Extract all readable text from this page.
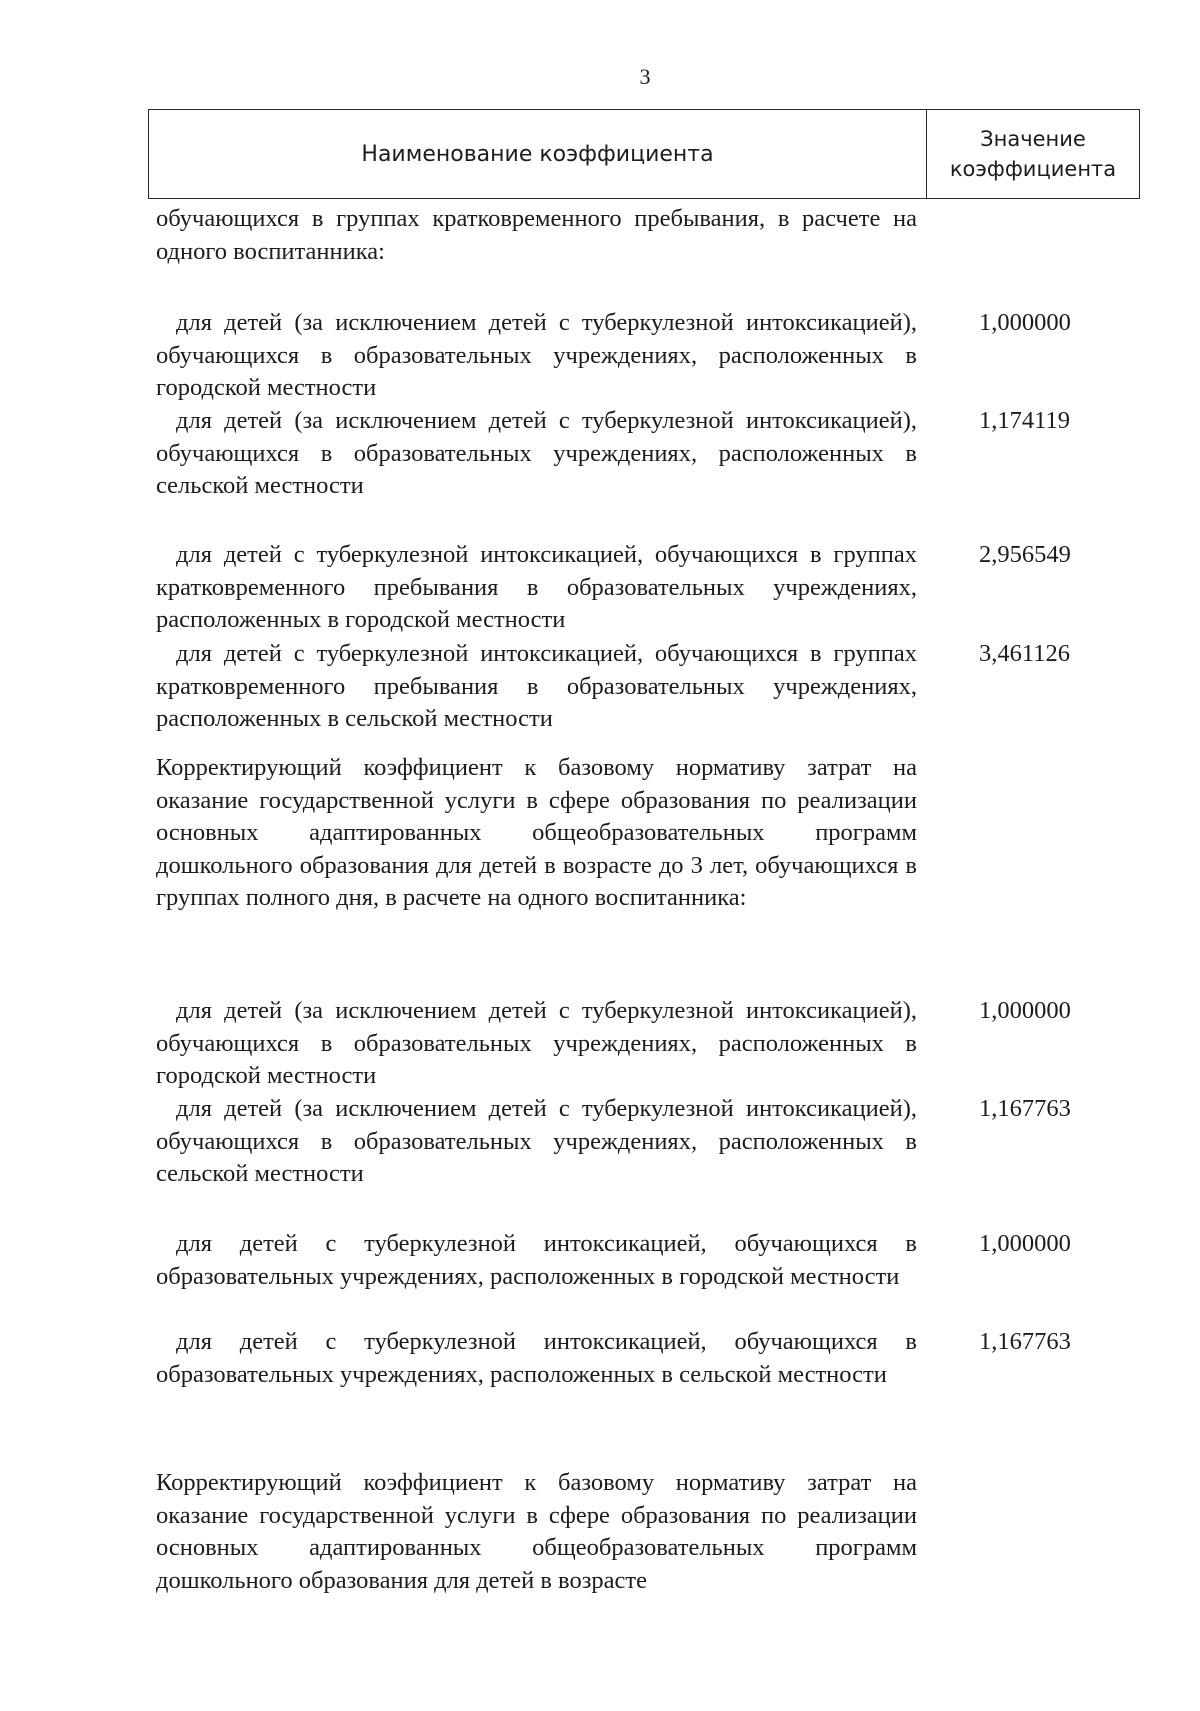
3
Наименование коэффициента
Значение
коэффициента
обучающихся в группах кратковременного пребывания, в расчете на одного воспитанника:
для детей (за исключением детей с туберкулезной интоксикацией), обучающихся в образовательных учреждениях, расположенных в городской местности
1,000000
для детей (за исключением детей с туберкулезной интоксикацией), обучающихся в образовательных учреждениях, расположенных в сельской местности
1,174119
для детей с туберкулезной интоксикацией, обучающихся в группах кратковременного пребывания в образовательных учреждениях, расположенных в городской местности
2,956549
для детей с туберкулезной интоксикацией, обучающихся в группах кратковременного пребывания в образовательных учреждениях, расположенных в сельской местности
3,461126
Корректирующий коэффициент к базовому нормативу затрат на оказание государственной услуги в сфере образования по реализации основных адаптированных общеобразовательных программ дошкольного образования для детей в возрасте до 3 лет, обучающихся в группах полного дня, в расчете на одного воспитанника:
для детей (за исключением детей с туберкулезной интоксикацией), обучающихся в образовательных учреждениях, расположенных в городской местности
1,000000
для детей (за исключением детей с туберкулезной интоксикацией), обучающихся в образовательных учреждениях, расположенных в сельской местности
1,167763
для детей с туберкулезной интоксикацией, обучающихся в образовательных учреждениях, расположенных в городской местности
1,000000
для детей с туберкулезной интоксикацией, обучающихся в образовательных учреждениях, расположенных в сельской местности
1,167763
Корректирующий коэффициент к базовому нормативу затрат на оказание государственной услуги в сфере образования по реализации основных адаптированных общеобразовательных программ дошкольного образования для детей в возрасте
